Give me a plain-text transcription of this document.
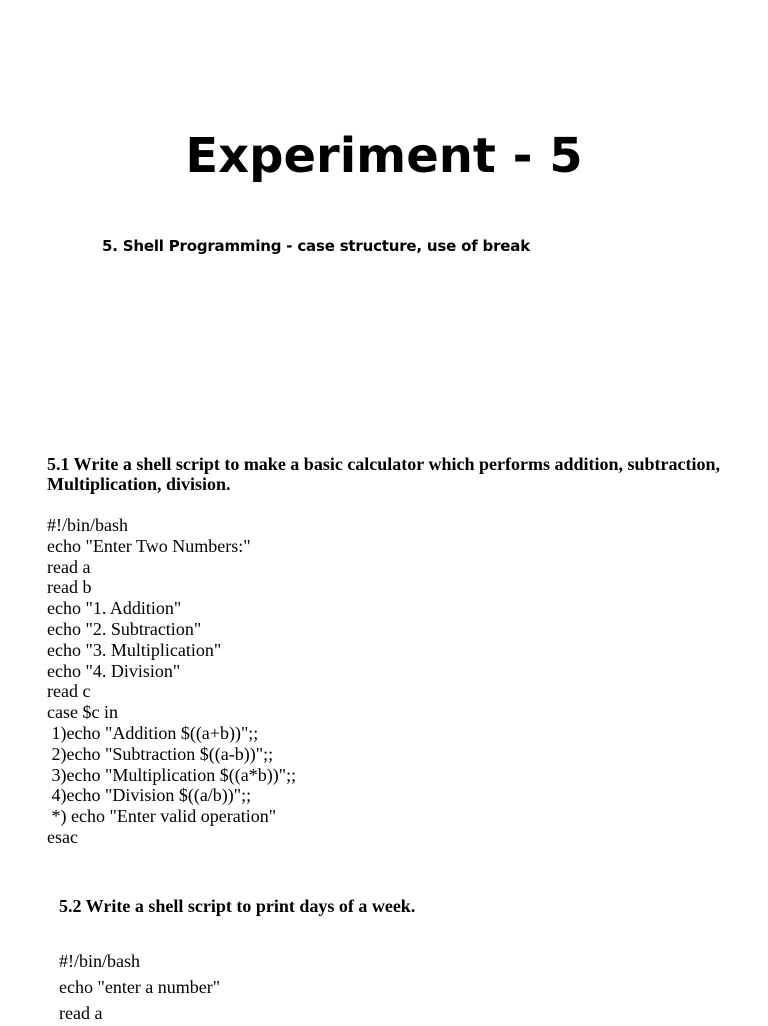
Experiment - 5

5. Shell Programming - case structure, use of break

5.1 Write a shell script to make a basic calculator which performs addition, subtraction, Multiplication, division.

#!/bin/bash
echo "Enter Two Numbers:"
read a
read b
echo "1. Addition"
echo "2. Subtraction"
echo "3. Multiplication"
echo "4. Division"
read c
case $c in
1)echo "Addition $((a+b))";;
2)echo "Subtraction $((a-b))";;
3)echo "Multiplication $((a*b))";;
4)echo "Division $((a/b))";;
*) echo "Enter valid operation"
esac

5.2 Write a shell script to print days of a week.

#!/bin/bash
echo "enter a number"
read a
